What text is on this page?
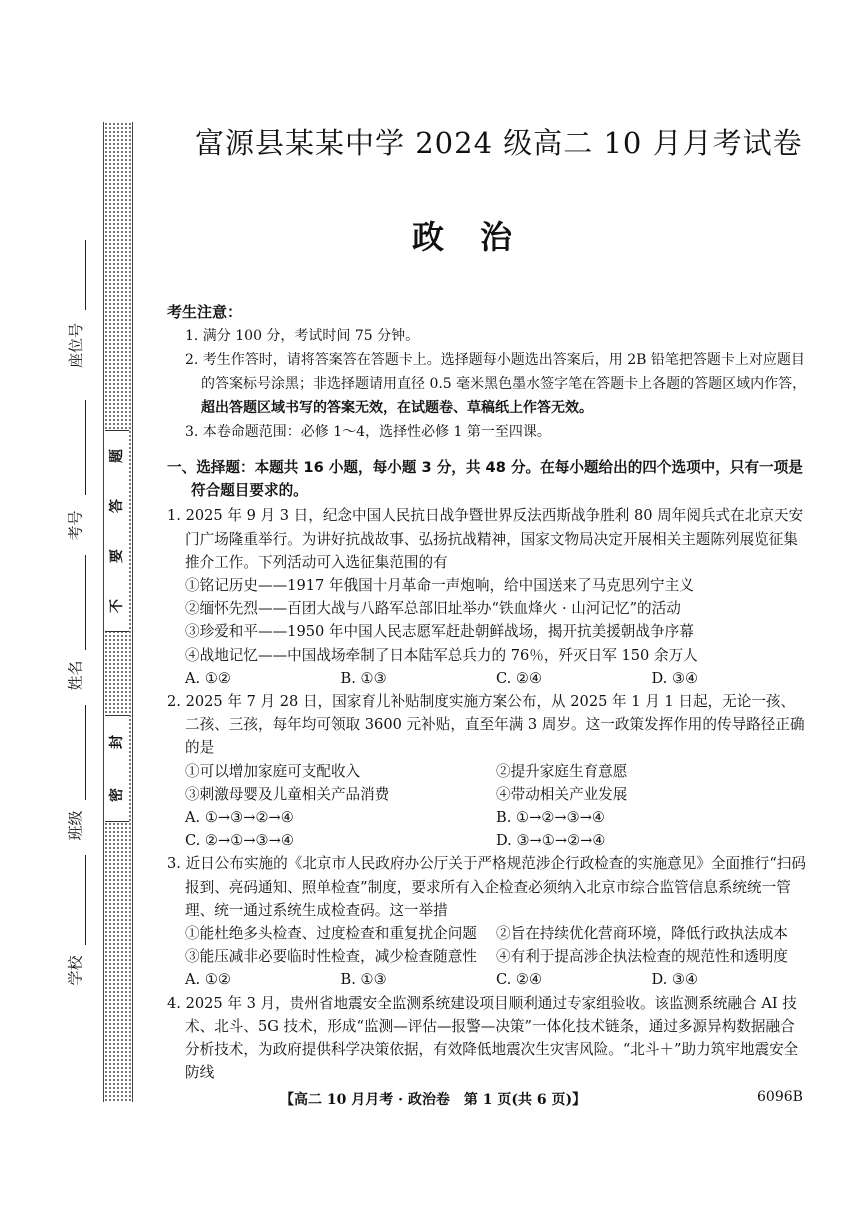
题
答
要
不
封
密
座位号
考号
姓名
班级
学校
富源县某某中学 2024 级高二 10 月月考试卷
政治
考生注意：
1. 满分 100 分，考试时间 75 分钟。
2. 考生作答时，请将答案答在答题卡上。选择题每小题选出答案后，用 2B 铅笔把答题卡上对应题目的答案标号涂黑；非选择题请用直径 0.5 毫米黑色墨水签字笔在答题卡上各题的答题区域内作答，超出答题区域书写的答案无效，在试题卷、草稿纸上作答无效。
3. 本卷命题范围：必修 1～4，选择性必修 1 第一至四课。
一、选择题：本题共 16 小题，每小题 3 分，共 48 分。在每小题给出的四个选项中，只有一项是符合题目要求的。
1. 2025 年 9 月 3 日，纪念中国人民抗日战争暨世界反法西斯战争胜利 80 周年阅兵式在北京天安门广场隆重举行。为讲好抗战故事、弘扬抗战精神，国家文物局决定开展相关主题陈列展览征集推介工作。下列活动可入选征集范围的有
①铭记历史——1917 年俄国十月革命一声炮响，给中国送来了马克思列宁主义
②缅怀先烈——百团大战与八路军总部旧址举办“铁血烽火 · 山河记忆”的活动
③珍爱和平——1950 年中国人民志愿军赶赴朝鲜战场，揭开抗美援朝战争序幕
④战地记忆——中国战场牵制了日本陆军总兵力的 76％，歼灭日军 150 余万人
A. ①②	B. ①③	C. ②④	D. ③④
2. 2025 年 7 月 28 日，国家育儿补贴制度实施方案公布，从 2025 年 1 月 1 日起，无论一孩、二孩、三孩，每年均可领取 3600 元补贴，直至年满 3 周岁。这一政策发挥作用的传导路径正确的是
①可以增加家庭可支配收入	②提升家庭生育意愿
③刺激母婴及儿童相关产品消费	④带动相关产业发展
A. ①→③→②→④	B. ①→②→③→④
C. ②→①→③→④	D. ③→①→②→④
3. 近日公布实施的《北京市人民政府办公厅关于严格规范涉企行政检查的实施意见》全面推行“扫码报到、亮码通知、照单检查”制度，要求所有入企检查必须纳入北京市综合监管信息系统统一管理、统一通过系统生成检查码。这一举措
①能杜绝多头检查、过度检查和重复扰企问题	②旨在持续优化营商环境，降低行政执法成本
③能压减非必要临时性检查，减少检查随意性	④有利于提高涉企执法检查的规范性和透明度
A. ①②	B. ①③	C. ②④	D. ③④
4. 2025 年 3 月，贵州省地震安全监测系统建设项目顺利通过专家组验收。该监测系统融合 AI 技术、北斗、5G 技术，形成“监测—评估—报警—决策”一体化技术链条，通过多源异构数据融合分析技术，为政府提供科学决策依据，有效降低地震次生灾害风险。“北斗＋”助力筑牢地震安全防线
【高二 10 月月考 · 政治卷　第 1 页(共 6 页)】	6096B
